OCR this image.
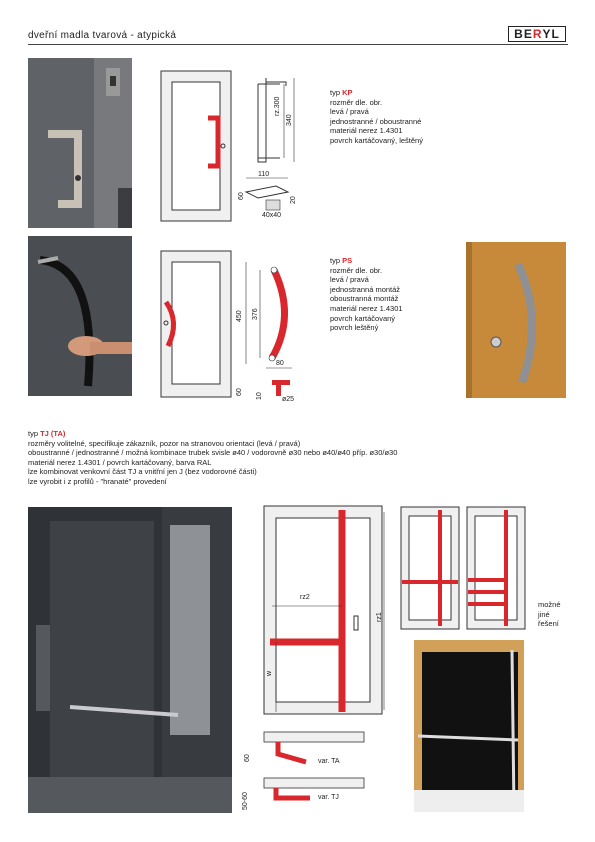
dveřní madla tvarová - atypická	BE R YL
rz.300
340
110
60
20
40x40
typ KP
rozměr dle. obr.
levá / pravá
jednostranné / oboustranné
materiál nerez 1.4301
povrch kartáčovaný, leštěný
450 376
80
60
10	ø25
typ PS
rozměr dle. obr.
levá / pravá
jednostranná montáž
oboustranná montáž
materiál nerez 1.4301
povrch kartáčovaný
povrch leštěný
typ TJ (TA)
rozměry volitelné, specifikuje zákazník, pozor na stranovou orientaci (levá / pravá)
oboustranné / jednostranné / možná kombinace trubek svisle ø40 / vodorovně ø30 nebo ø40/ø40 příp. ø30/ø30
materiál nerez 1.4301 / povrch kartáčovaný, barva RAL
lze kombinovat venkovní část TJ a vnitřní jen J (bez vodorovné části)
lze vyrobit i z profilů - "hranaté" provedení
rz2
rz1
w
60	var. TA
50-60	var. TJ
možné
jiné
řešení
